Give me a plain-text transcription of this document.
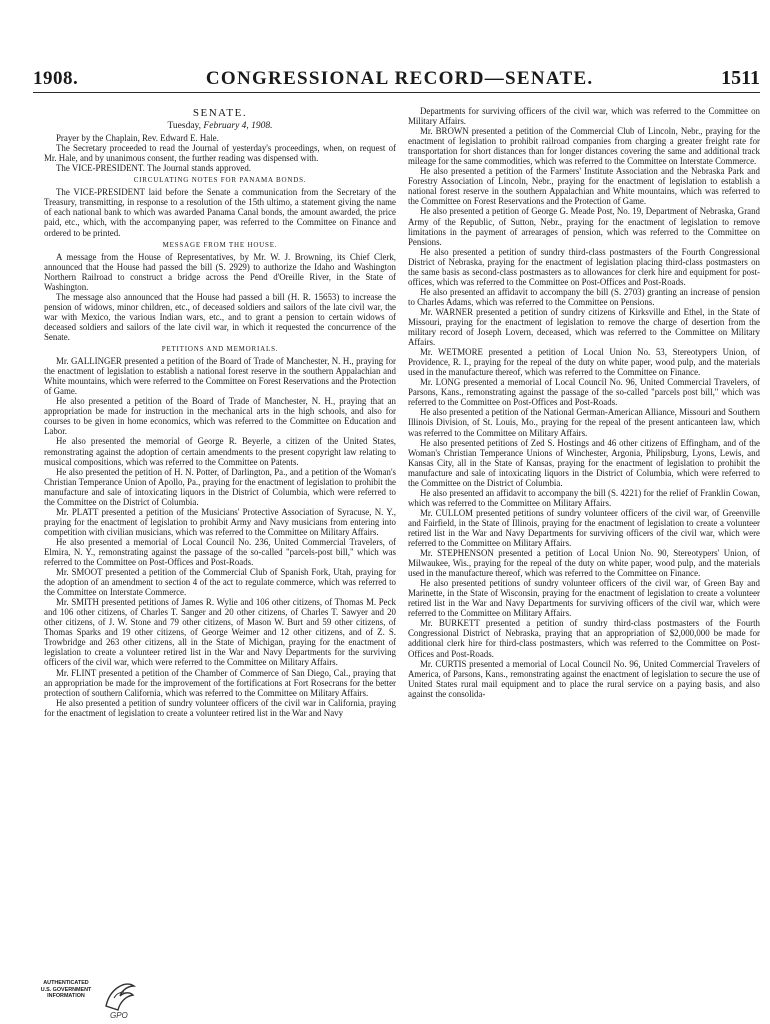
1908.	CONGRESSIONAL RECORD—SENATE.	1511
SENATE.
Tuesday, February 4, 1908.

Prayer by the Chaplain, Rev. Edward E. Hale.

The Secretary proceeded to read the Journal of yesterday's proceedings, when, on request of Mr. Hale, and by unanimous consent, the further reading was dispensed with.

The VICE-PRESIDENT. The Journal stands approved.

CIRCULATING NOTES FOR PANAMA BONDS.

The VICE-PRESIDENT laid before the Senate a communication from the Secretary of the Treasury, transmitting, in response to a resolution of the 15th ultimo, a statement giving the name of each national bank to which was awarded Panama Canal bonds, the amount awarded, the price paid, etc., which, with the accompanying paper, was referred to the Committee on Finance and ordered to be printed.

MESSAGE FROM THE HOUSE.

A message from the House of Representatives, by Mr. W. J. Browning, its Chief Clerk, announced that the House had passed the bill (S. 2929) to authorize the Idaho and Washington Northern Railroad to construct a bridge across the Pend d'Oreille River, in the State of Washington.

The message also announced that the House had passed a bill (H. R. 15653) to increase the pension of widows, minor children, etc., of deceased soldiers and sailors of the late civil war, the war with Mexico, the various Indian wars, etc., and to grant a pension to certain widows of deceased soldiers and sailors of the late civil war, in which it requested the concurrence of the Senate.

PETITIONS AND MEMORIALS.

Mr. GALLINGER presented a petition of the Board of Trade of Manchester, N. H., praying for the enactment of legislation to establish a national forest reserve in the southern Appalachian and White mountains, which were referred to the Committee on Forest Reservations and the Protection of Game.

He also presented a petition of the Board of Trade of Manchester, N. H., praying that an appropriation be made for instruction in the mechanical arts in the high schools, and also for courses to be given in home economics, which was referred to the Committee on Education and Labor.

He also presented the memorial of George R. Beyerle, a citizen of the United States, remonstrating against the adoption of certain amendments to the present copyright law relating to musical compositions, which was referred to the Committee on Patents.

He also presented the petition of H. N. Potter, of Darlington, Pa., and a petition of the Woman's Christian Temperance Union of Apollo, Pa., praying for the enactment of legislation to prohibit the manufacture and sale of intoxicating liquors in the District of Columbia, which were referred to the Committee on the District of Columbia.

Mr. PLATT presented a petition of the Musicians' Protective Association of Syracuse, N. Y., praying for the enactment of legislation to prohibit Army and Navy musicians from entering into competition with civilian musicians, which was referred to the Committee on Military Affairs.

He also presented a memorial of Local Council No. 236, United Commercial Travelers, of Elmira, N. Y., remonstrating against the passage of the so-called "parcels-post bill," which was referred to the Committee on Post-Offices and Post-Roads.

Mr. SMOOT presented a petition of the Commercial Club of Spanish Fork, Utah, praying for the adoption of an amendment to section 4 of the act to regulate commerce, which was referred to the Committee on Interstate Commerce.

Mr. SMITH presented petitions of James R. Wylie and 106 other citizens, of Thomas M. Peck and 106 other citizens, of Charles T. Sanger and 20 other citizens, of Charles T. Sawyer and 20 other citizens, of J. W. Stone and 79 other citizens, of Mason W. Burt and 59 other citizens, of Thomas Sparks and 19 other citizens, of George Weimer and 12 other citizens, and of Z. S. Trowbridge and 263 other citizens, all in the State of Michigan, praying for the enactment of legislation to create a volunteer retired list in the War and Navy Departments for the surviving officers of the civil war, which were referred to the Committee on Military Affairs.

Mr. FLINT presented a petition of the Chamber of Commerce of San Diego, Cal., praying that an appropriation be made for the improvement of the fortifications at Fort Rosecrans for the better protection of southern California, which was referred to the Committee on Military Affairs.

He also presented a petition of sundry volunteer officers of the civil war in California, praying for the enactment of legislation to create a volunteer retired list in the War and Navy

Departments for surviving officers of the civil war, which was referred to the Committee on Military Affairs.

Mr. BROWN presented a petition of the Commercial Club of Lincoln, Nebr., praying for the enactment of legislation to prohibit railroad companies from charging a greater freight rate for transportation for short distances than for longer distances covering the same and additional track mileage for the same commodities, which was referred to the Committee on Interstate Commerce.

He also presented a petition of the Farmers' Institute Association and the Nebraska Park and Forestry Association of Lincoln, Nebr., praying for the enactment of legislation to establish a national forest reserve in the southern Appalachian and White mountains, which was referred to the Committee on Forest Reservations and the Protection of Game.

He also presented a petition of George G. Meade Post, No. 19, Department of Nebraska, Grand Army of the Republic, of Sutton, Nebr., praying for the enactment of legislation to remove limitations in the payment of arrearages of pension, which was referred to the Committee on Pensions.

He also presented a petition of sundry third-class postmasters of the Fourth Congressional District of Nebraska, praying for the enactment of legislation placing third-class postmasters on the same basis as second-class postmasters as to allowances for clerk hire and equipment for post-offices, which was referred to the Committee on Post-Offices and Post-Roads.

He also presented an affidavit to accompany the bill (S. 2703) granting an increase of pension to Charles Adams, which was referred to the Committee on Pensions.

Mr. WARNER presented a petition of sundry citizens of Kirksville and Ethel, in the State of Missouri, praying for the enactment of legislation to remove the charge of desertion from the military record of Joseph Lovern, deceased, which was referred to the Committee on Military Affairs.

Mr. WETMORE presented a petition of Local Union No. 53, Stereotypers Union, of Providence, R. I., praying for the repeal of the duty on white paper, wood pulp, and the materials used in the manufacture thereof, which was referred to the Committee on Finance.

Mr. LONG presented a memorial of Local Council No. 96, United Commercial Travelers, of Parsons, Kans., remonstrating against the passage of the so-called "parcels post bill," which was referred to the Committee on Post-Offices and Post-Roads.

He also presented a petition of the National German-American Alliance, Missouri and Southern Illinois Division, of St. Louis, Mo., praying for the repeal of the present anticanteen law, which was referred to the Committee on Military Affairs.

He also presented petitions of Zed S. Hostings and 46 other citizens of Effingham, and of the Woman's Christian Temperance Unions of Winchester, Argonia, Philipsburg, Lyons, Lewis, and Kansas City, all in the State of Kansas, praying for the enactment of legislation to prohibit the manufacture and sale of intoxicating liquors in the District of Columbia, which were referred to the Committee on the District of Columbia.

He also presented an affidavit to accompany the bill (S. 4221) for the relief of Franklin Cowan, which was referred to the Committee on Military Affairs.

Mr. CULLOM presented petitions of sundry volunteer officers of the civil war, of Greenville and Fairfield, in the State of Illinois, praying for the enactment of legislation to create a volunteer retired list in the War and Navy Departments for surviving officers of the civil war, which were referred to the Committee on Military Affairs.

Mr. STEPHENSON presented a petition of Local Union No. 90, Stereotypers' Union, of Milwaukee, Wis., praying for the repeal of the duty on white paper, wood pulp, and the materials used in the manufacture thereof, which was referred to the Committee on Finance.

He also presented petitions of sundry volunteer officers of the civil war, of Green Bay and Marinette, in the State of Wisconsin, praying for the enactment of legislation to create a volunteer retired list in the War and Navy Departments for surviving officers of the civil war, which were referred to the Committee on Military Affairs.

Mr. BURKETT presented a petition of sundry third-class postmasters of the Fourth Congressional District of Nebraska, praying that an appropriation of $2,000,000 be made for additional clerk hire for third-class postmasters, which was referred to the Committee on Post-Offices and Post-Roads.

Mr. CURTIS presented a memorial of Local Council No. 96, United Commercial Travelers of America, of Parsons, Kans., remonstrating against the enactment of legislation to secure the use of United States rural mail equipment and to place the rural service on a paying basis, and also against the consolida-

AUTHENTICATED
U.S. GOVERNMENT
INFORMATION
GPO
